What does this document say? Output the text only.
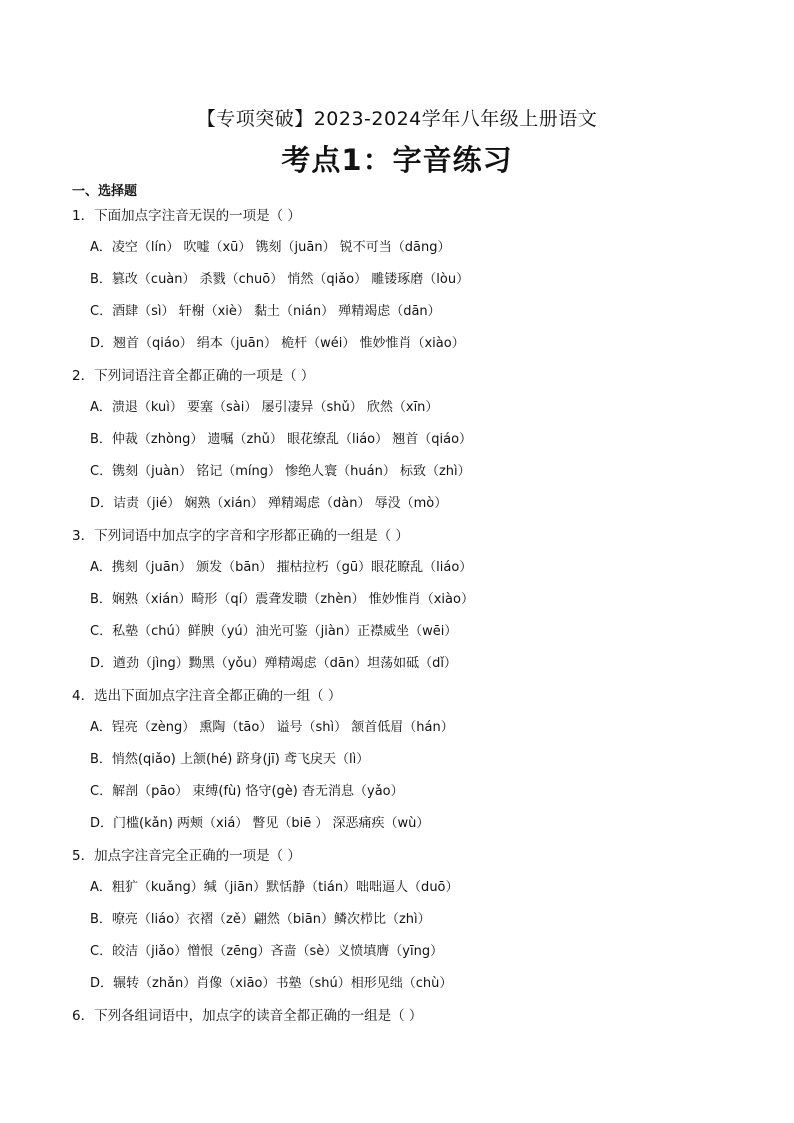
【专项突破】2023-2024学年八年级上册语文
考点1：字音练习
一、选择题
1．下面加点字注音无误的一项是（ ）
A．凌空（lín） 吹嘘（xū） 镌刻（juān） 锐不可当（dāng）
B．篡改（cuàn） 杀戮（chuō） 悄然（qiǎo） 雕镂琢磨（lòu）
C．酒肆（sì） 轩榭（xiè） 黏土（nián） 殚精竭虑（dān）
D．翘首（qiáo） 绢本（juān） 桅杆（wéi） 惟妙惟肖（xiào）
2．下列词语注音全都正确的一项是（ ）
A．溃退（kuì） 要塞（sài） 屡引凄异（shǔ） 欣然（xīn）
B．仲裁（zhòng） 遗嘱（zhǔ） 眼花缭乱（liáo） 翘首（qiáo）
C．镌刻（juàn） 铭记（míng） 惨绝人寰（huán） 标致（zhì）
D．诘责（jié） 娴熟（xián） 殚精竭虑（dàn） 辱没（mò）
3．下列词语中加点字的字音和字形都正确的一组是（ ）
A．携刻（juān） 颁发（bān） 摧枯拉朽（gū）眼花瞭乱（liáo）
B．娴熟（xián）畸形（qí）震聋发聩（zhèn） 惟妙惟肖（xiào）
C．私塾（chú）鲜腴（yú）油光可鉴（jiàn）正襟威坐（wēi）
D．遒劲（jìng）黝黑（yǒu）殚精竭虑（dān）坦荡如砥（dǐ）
4．选出下面加点字注音全都正确的一组（ ）
A．锃亮（zèng） 熏陶（tāo） 谥号（shì） 颔首低眉（hán）
B．悄然(qiǎo) 上颔(hé) 跻身(jī) 鸢飞戾天（lì）
C．解剖（pāo） 束缚(fù) 恪守(gè) 杳无消息（yǎo）
D．门槛(kǎn) 两颊（xiá） 瞥见（biē ） 深恶痛疾（wù）
5．加点字注音完全正确的一项是（ ）
A．粗犷（kuǎng）缄（jiān）默恬静（tián）咄咄逼人（duō）
B．嘹亮（liáo）衣褶（zě）翩然（biān）鳞次栉比（zhì）
C．皎洁（jiǎo）憎恨（zēng）吝啬（sè）义愤填膺（yīng）
D．辗转（zhǎn）肖像（xiāo）书塾（shú）相形见绌（chù）
6．下列各组词语中，加点字的读音全都正确的一组是（ ）
